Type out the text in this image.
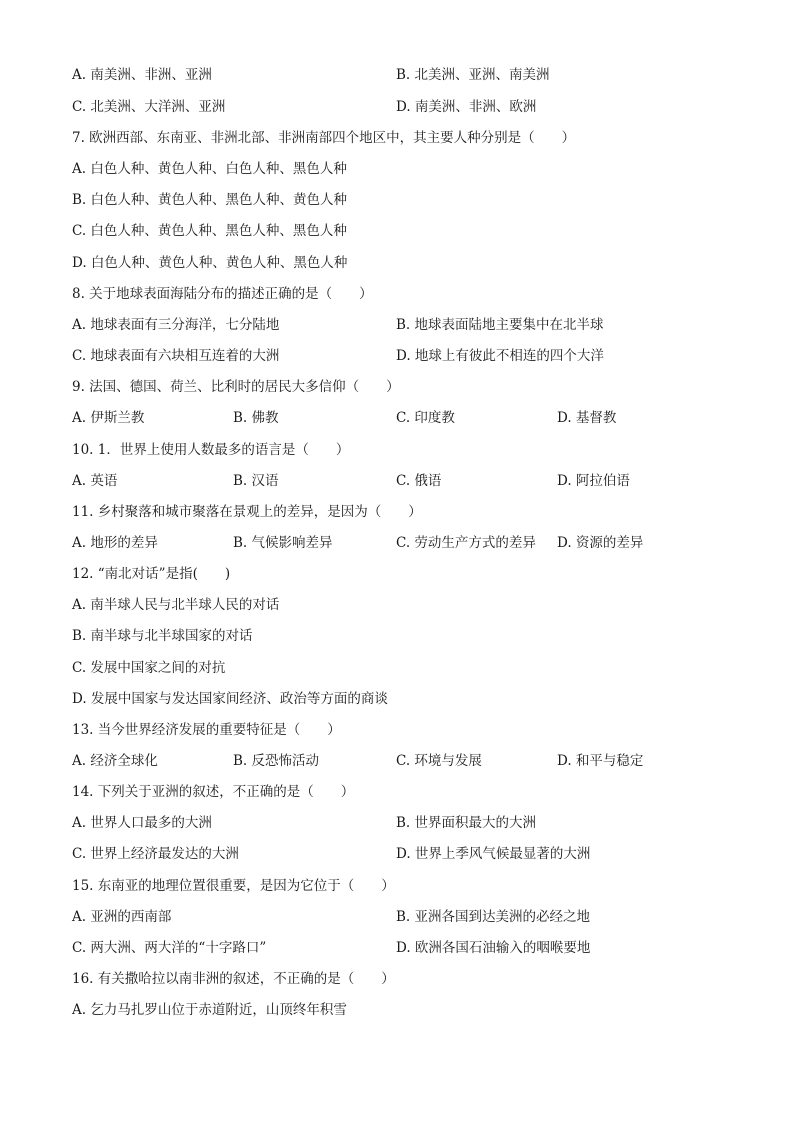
A. 南美洲、非洲、亚洲	B. 北美洲、亚洲、南美洲
C. 北美洲、大洋洲、亚洲	D. 南美洲、非洲、欧洲
7. 欧洲西部、东南亚、非洲北部、非洲南部四个地区中，其主要人种分别是（　　）
A. 白色人种、黄色人种、白色人种、黑色人种
B. 白色人种、黄色人种、黑色人种、黄色人种
C. 白色人种、黄色人种、黑色人种、黑色人种
D. 白色人种、黄色人种、黄色人种、黑色人种
8. 关于地球表面海陆分布的描述正确的是（　　）
A. 地球表面有三分海洋，七分陆地	B. 地球表面陆地主要集中在北半球
C. 地球表面有六块相互连着的大洲	D. 地球上有彼此不相连的四个大洋
9. 法国、德国、荷兰、比利时的居民大多信仰（　　）
A. 伊斯兰教	B. 佛教	C. 印度教	D. 基督教
10. 1．世界上使用人数最多的语言是（　　）
A. 英语	B. 汉语	C. 俄语	D. 阿拉伯语
11. 乡村聚落和城市聚落在景观上的差异，是因为（　　）
A. 地形的差异	B. 气候影响差异	C. 劳动生产方式的差异 D. 资源的差异
12. “南北对话”是指(　　)
A. 南半球人民与北半球人民的对话
B. 南半球与北半球国家的对话
C. 发展中国家之间的对抗
D. 发展中国家与发达国家间经济、政治等方面的商谈
13. 当今世界经济发展的重要特征是（　　）
A. 经济全球化	B. 反恐怖活动	C. 环境与发展	D. 和平与稳定
14. 下列关于亚洲的叙述，不正确的是（　　）
A. 世界人口最多的大洲	B. 世界面积最大的大洲
C. 世界上经济最发达的大洲	D. 世界上季风气候最显著的大洲
15. 东南亚的地理位置很重要，是因为它位于（　　）
A. 亚洲的西南部	B. 亚洲各国到达美洲的必经之地
C. 两大洲、两大洋的“十字路口”	D. 欧洲各国石油输入的咽喉要地
16. 有关撒哈拉以南非洲的叙述，不正确的是（　　）
A. 乞力马扎罗山位于赤道附近，山顶终年积雪
